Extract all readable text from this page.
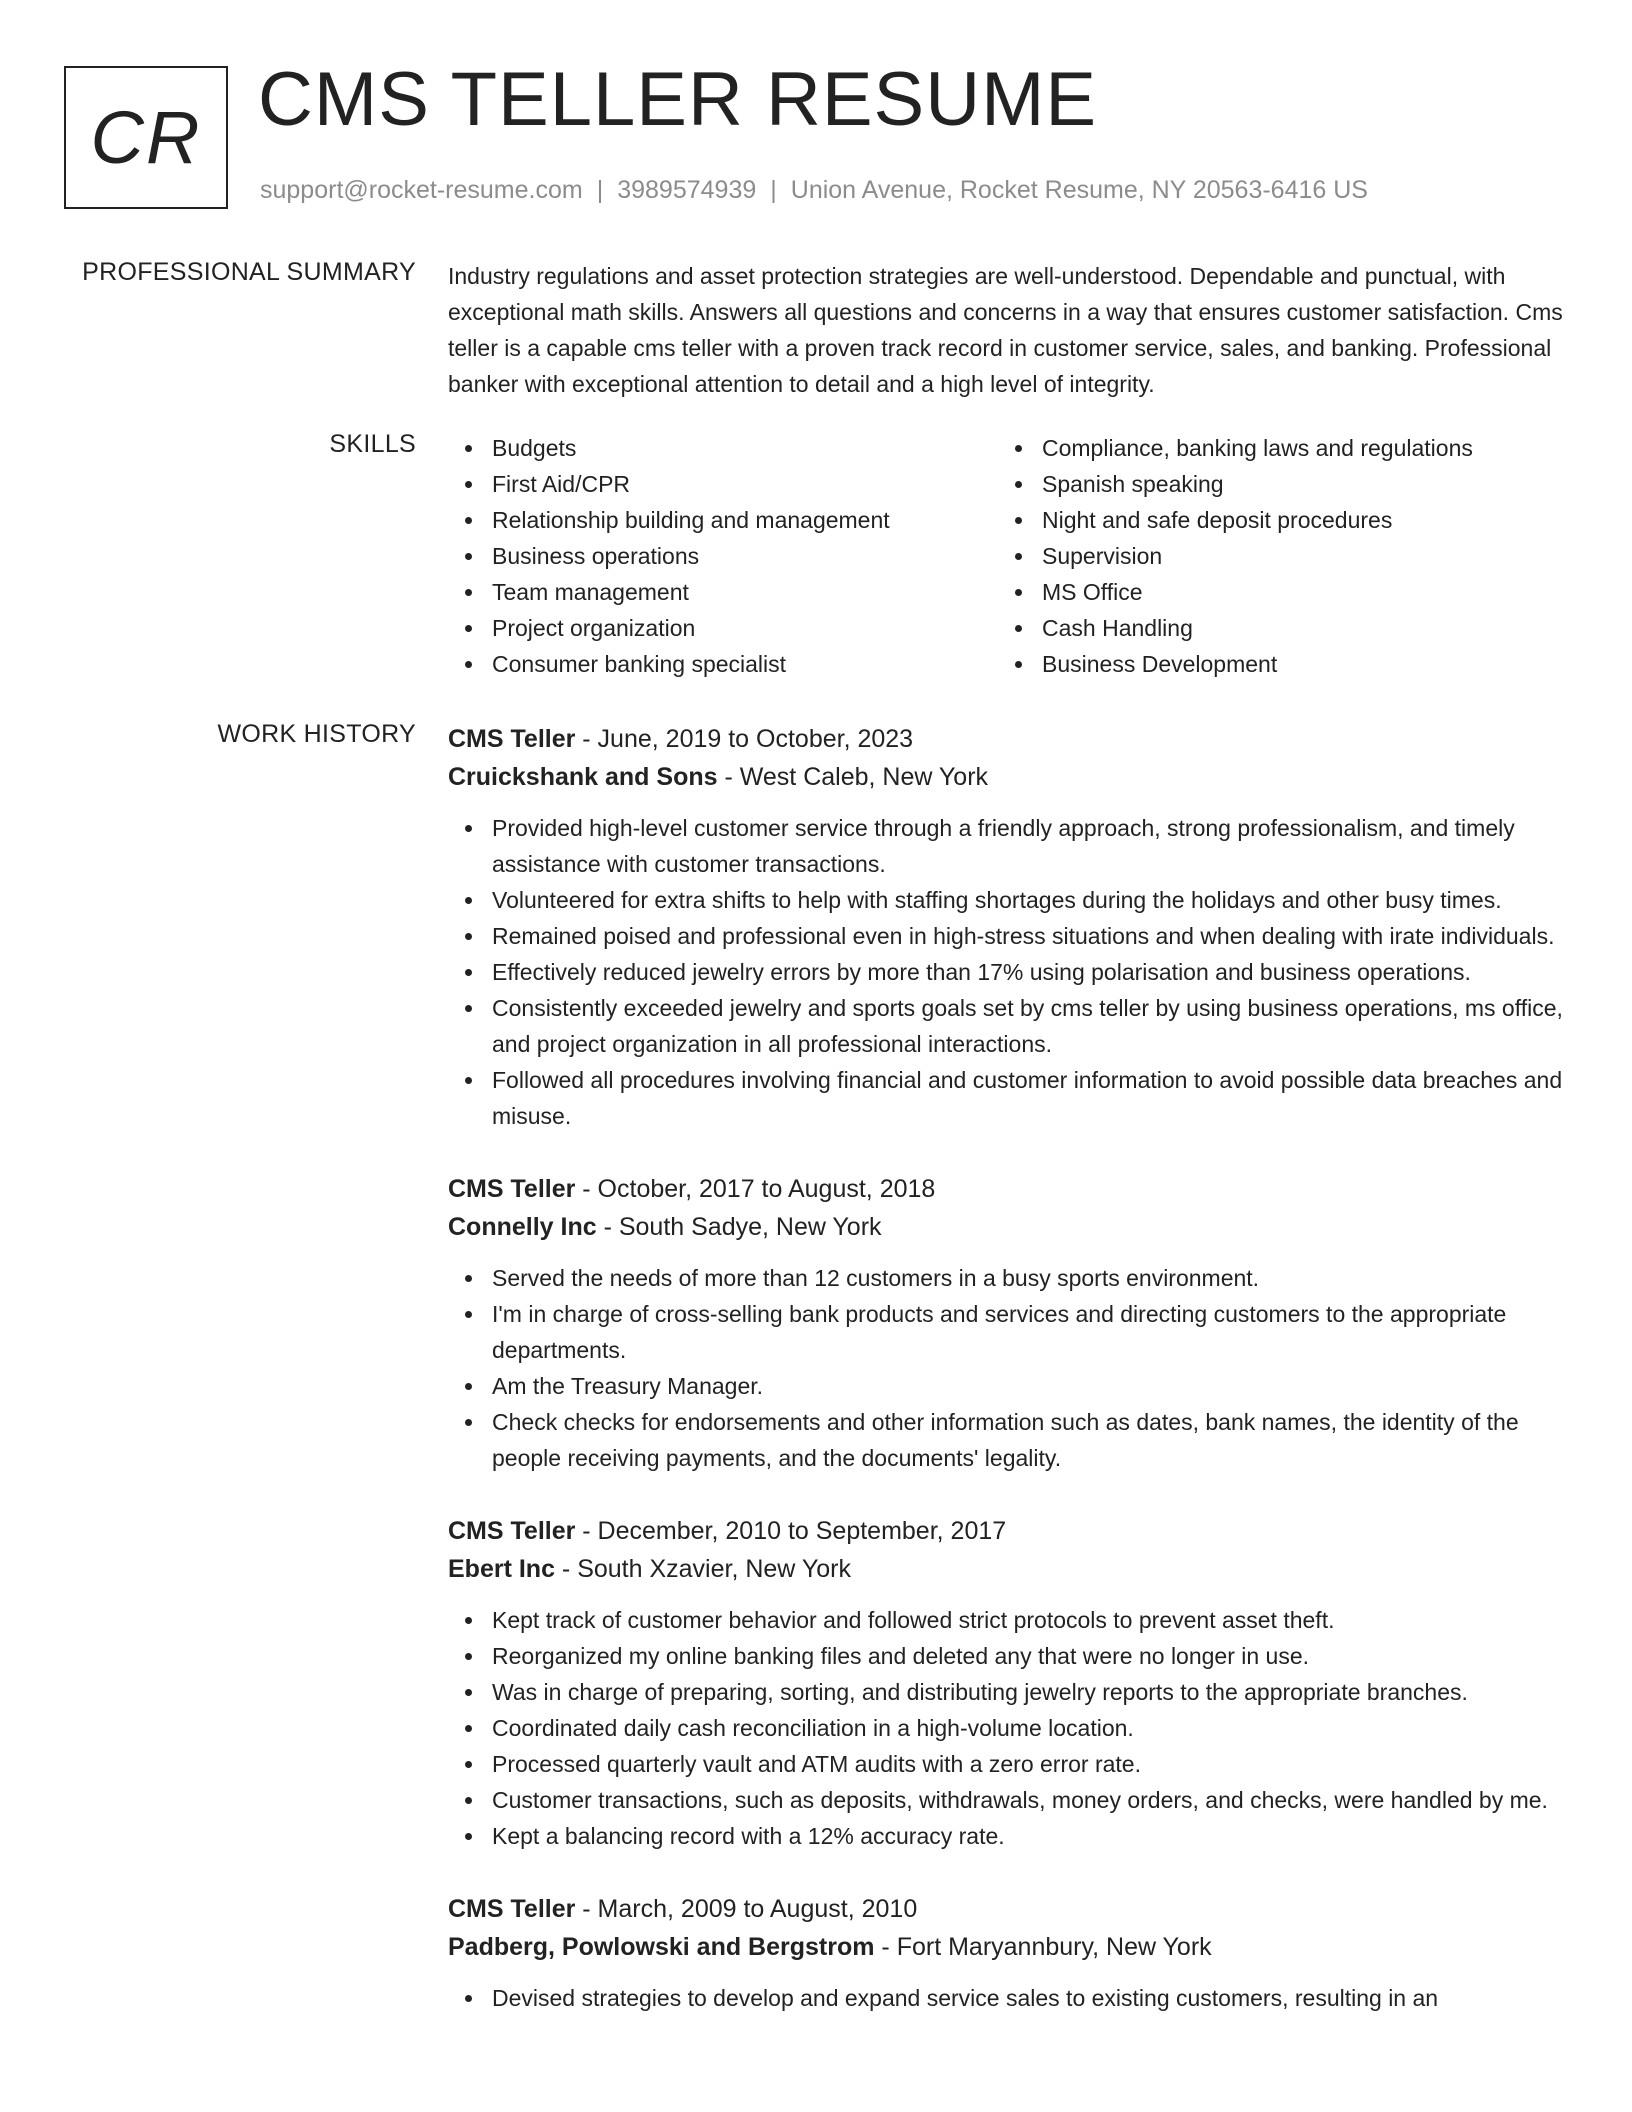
CR CMS TELLER RESUME
support@rocket-resume.com | 3989574939 | Union Avenue, Rocket Resume, NY 20563-6416 US
PROFESSIONAL SUMMARY Industry regulations and asset protection strategies are well-understood. Dependable and punctual, with exceptional math skills. Answers all questions and concerns in a way that ensures customer satisfaction. Cms teller is a capable cms teller with a proven track record in customer service, sales, and banking. Professional banker with exceptional attention to detail and a high level of integrity.

SKILLS	Budgets
First Aid/CPR
Relationship building and management
Business operations
Team management
Project organization
Consumer banking specialist
Compliance, banking laws and regulations
Spanish speaking
Night and safe deposit procedures
Supervision
MS Office
Cash Handling
Business Development
WORK HISTORY CMS Teller - June, 2019 to October, 2023
Cruickshank and Sons - West Caleb, New York
Provided high-level customer service through a friendly approach, strong professionalism, and timely assistance with customer transactions.
Volunteered for extra shifts to help with staffing shortages during the holidays and other busy times.
Remained poised and professional even in high-stress situations and when dealing with irate individuals.
Effectively reduced jewelry errors by more than 17% using polarisation and business operations.
Consistently exceeded jewelry and sports goals set by cms teller by using business operations, ms office, and project organization in all professional interactions.
Followed all procedures involving financial and customer information to avoid possible data breaches and misuse.
CMS Teller - October, 2017 to August, 2018
Connelly Inc - South Sadye, New York
Served the needs of more than 12 customers in a busy sports environment.
I'm in charge of cross-selling bank products and services and directing customers to the appropriate departments.
Am the Treasury Manager.
Check checks for endorsements and other information such as dates, bank names, the identity of the people receiving payments, and the documents' legality.
CMS Teller - December, 2010 to September, 2017
Ebert Inc - South Xzavier, New York
Kept track of customer behavior and followed strict protocols to prevent asset theft.
Reorganized my online banking files and deleted any that were no longer in use.
Was in charge of preparing, sorting, and distributing jewelry reports to the appropriate branches.
Coordinated daily cash reconciliation in a high-volume location.
Processed quarterly vault and ATM audits with a zero error rate.
Customer transactions, such as deposits, withdrawals, money orders, and checks, were handled by me.
Kept a balancing record with a 12% accuracy rate.
CMS Teller - March, 2009 to August, 2010
Padberg, Powlowski and Bergstrom - Fort Maryannbury, New York
Devised strategies to develop and expand service sales to existing customers, resulting in an
